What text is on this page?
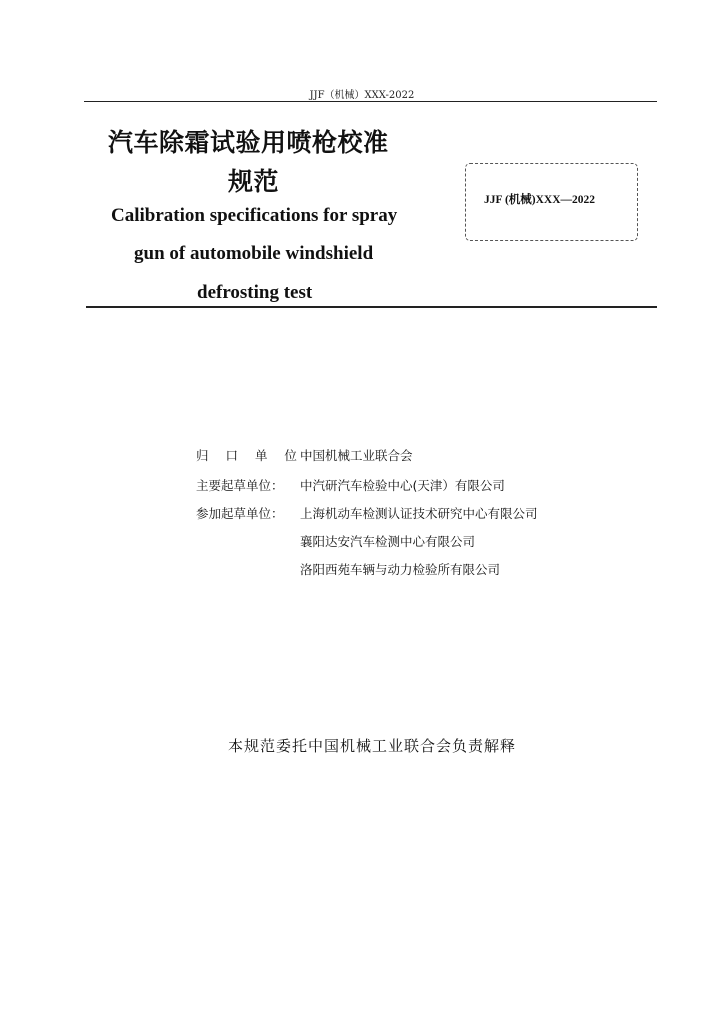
JJF（机械）XXX-2022
汽车除霜试验用喷枪校准
规范
Calibration specifications for spray
gun of automobile windshield
defrosting test
JJF (机械)XXX—2022
归 口 单 位：
中国机械工业联合会
主要起草单位：	中汽研汽车检验中心(天津）有限公司
参加起草单位：	上海机动车检测认证技术研究中心有限公司
襄阳达安汽车检测中心有限公司
洛阳西苑车辆与动力检验所有限公司
本规范委托中国机械工业联合会负责解释
